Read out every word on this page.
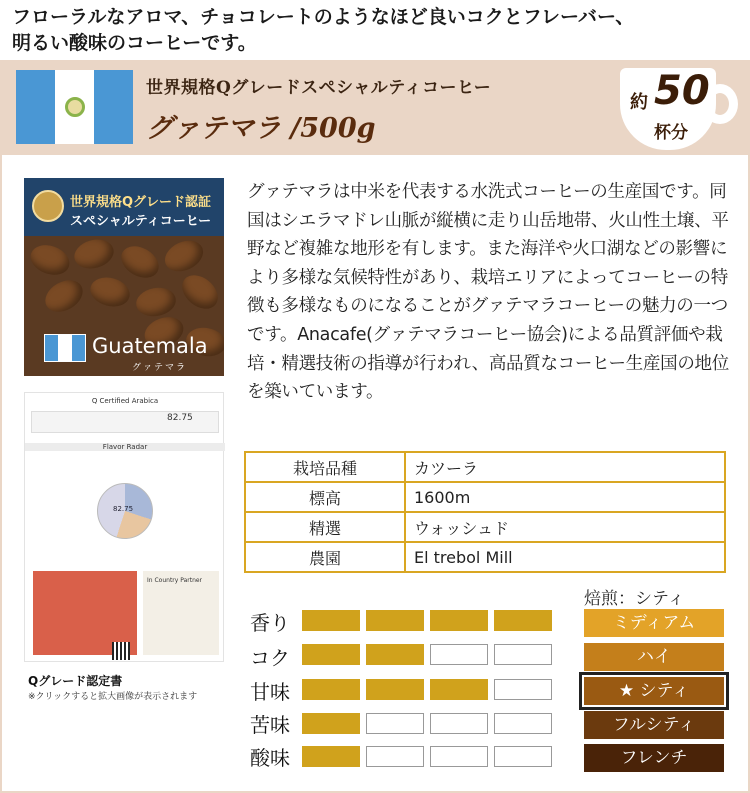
フローラルなアロマ、チョコレートのようなほど良いコクとフレーバー、
明るい酸味のコーヒーです。
世界規格Qグレードスペシャルティコーヒー
グァテマラ /500g
約 50
杯分
世界規格Qグレード認証
スペシャルティコーヒー
Guatemala
グァテマラ
Q Certified Arabica
82.75
Flavor Radar
82.75
In Country Partner
Qグレード認定書
※クリックすると拡大画像が表示されます
グァテマラは中米を代表する水洗式コーヒーの生産国です。同国はシエラマドレ山脈が縦横に走り山岳地帯、火山性土壌、平野など複雑な地形を有します。また海洋や火口湖などの影響により多様な気候特性があり、栽培エリアによってコーヒーの特徴も多様なものになることがグァテマラコーヒーの魅力の一つです。Anacafe(グァテマラコーヒー協会)による品質評価や栽培・精選技術の指導が行われ、高品質なコーヒー生産国の地位を築いています。
栽培品種	カツーラ
標高	1600m
精選	ウォッシュド
農園	El trebol Mill
焙煎：シティ
ミディアム
ハイ
★ シティ
フルシティ
フレンチ
香り
コク
甘味
苦味
酸味
